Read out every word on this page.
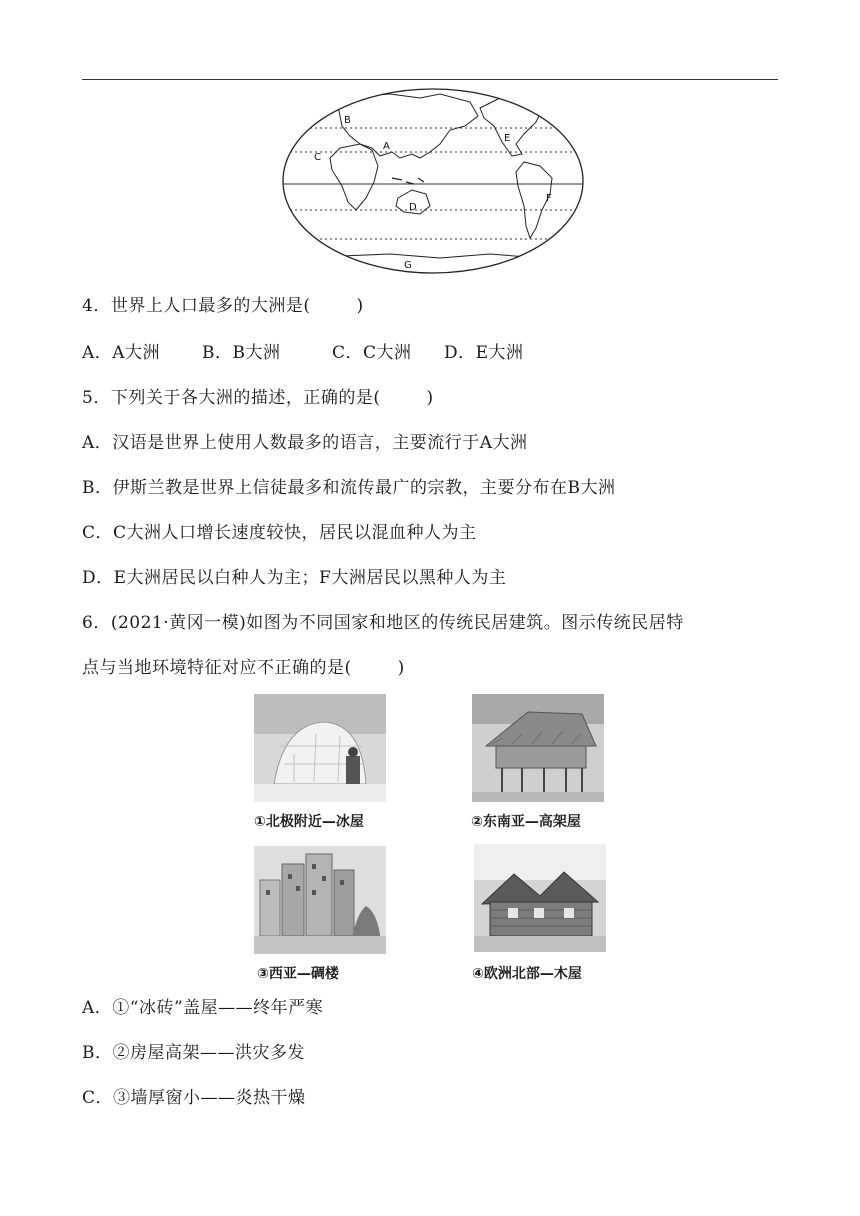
A
B
C
D
E
F
G
4．世界上人口最多的大洲是(	)
A．A大洲 B．B大洲	C．C大洲 D．E大洲
5．下列关于各大洲的描述，正确的是(	)
A．汉语是世界上使用人数最多的语言，主要流行于A大洲
B．伊斯兰教是世界上信徒最多和流传最广的宗教，主要分布在B大洲
C．C大洲人口增长速度较快，居民以混血种人为主
D．E大洲居民以白种人为主；F大洲居民以黑种人为主
6．(2021·黄冈一模)如图为不同国家和地区的传统民居建筑。图示传统民居特
点与当地环境特征对应不正确的是(	)
①北极附近—冰屋	②东南亚—高架屋
③西亚—碉楼	④欧洲北部—木屋
A．①“冰砖”盖屋——终年严寒
B．②房屋高架——洪灾多发
C．③墙厚窗小——炎热干燥
